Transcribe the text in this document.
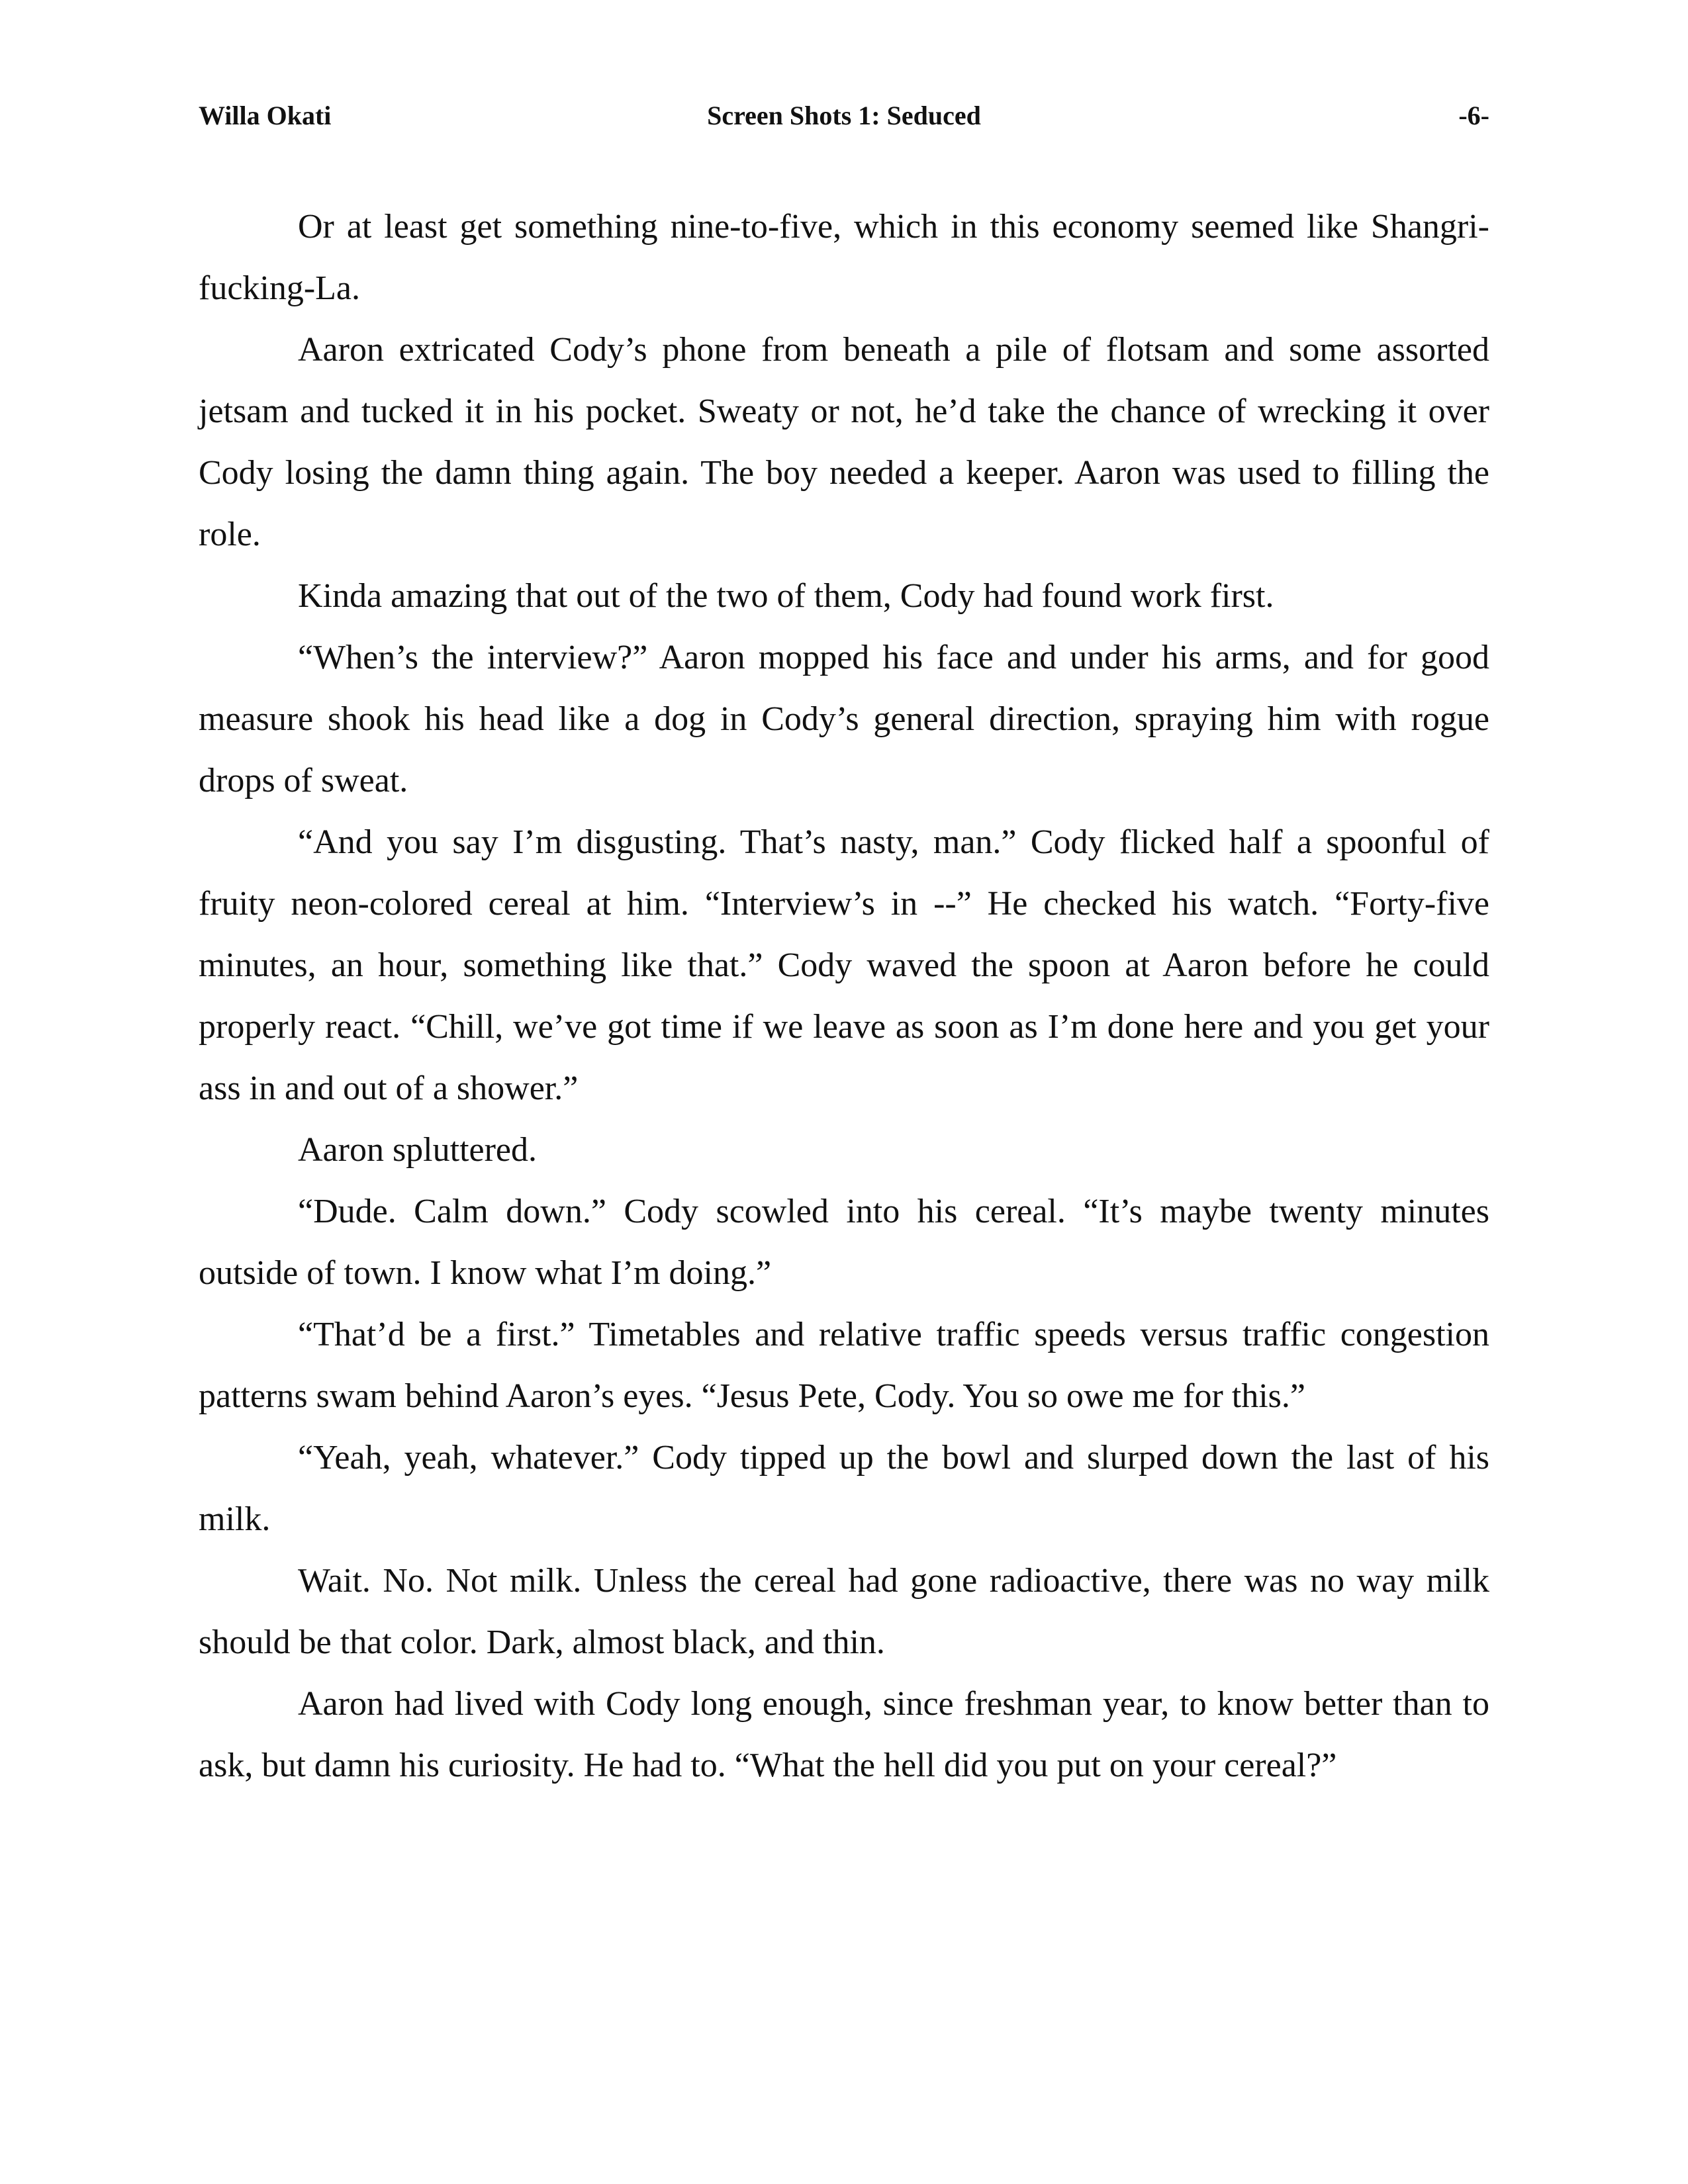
Willa Okati	Screen Shots 1: Seduced	-6-

Or at least get something nine-to-five, which in this economy seemed like Shangri-fucking-La.

Aaron extricated Cody’s phone from beneath a pile of flotsam and some assorted jetsam and tucked it in his pocket. Sweaty or not, he’d take the chance of wrecking it over Cody losing the damn thing again. The boy needed a keeper. Aaron was used to filling the role.

Kinda amazing that out of the two of them, Cody had found work first.

“When’s the interview?” Aaron mopped his face and under his arms, and for good measure shook his head like a dog in Cody’s general direction, spraying him with rogue drops of sweat.

“And you say I’m disgusting. That’s nasty, man.” Cody flicked half a spoonful of fruity neon-colored cereal at him. “Interview’s in --” He checked his watch. “Forty-five minutes, an hour, something like that.” Cody waved the spoon at Aaron before he could properly react. “Chill, we’ve got time if we leave as soon as I’m done here and you get your ass in and out of a shower.”

Aaron spluttered.

“Dude. Calm down.” Cody scowled into his cereal. “It’s maybe twenty minutes outside of town. I know what I’m doing.”

“That’d be a first.” Timetables and relative traffic speeds versus traffic congestion patterns swam behind Aaron’s eyes. “Jesus Pete, Cody. You so owe me for this.”

“Yeah, yeah, whatever.” Cody tipped up the bowl and slurped down the last of his milk.

Wait. No. Not milk. Unless the cereal had gone radioactive, there was no way milk should be that color. Dark, almost black, and thin.

Aaron had lived with Cody long enough, since freshman year, to know better than to ask, but damn his curiosity. He had to. “What the hell did you put on your cereal?”
